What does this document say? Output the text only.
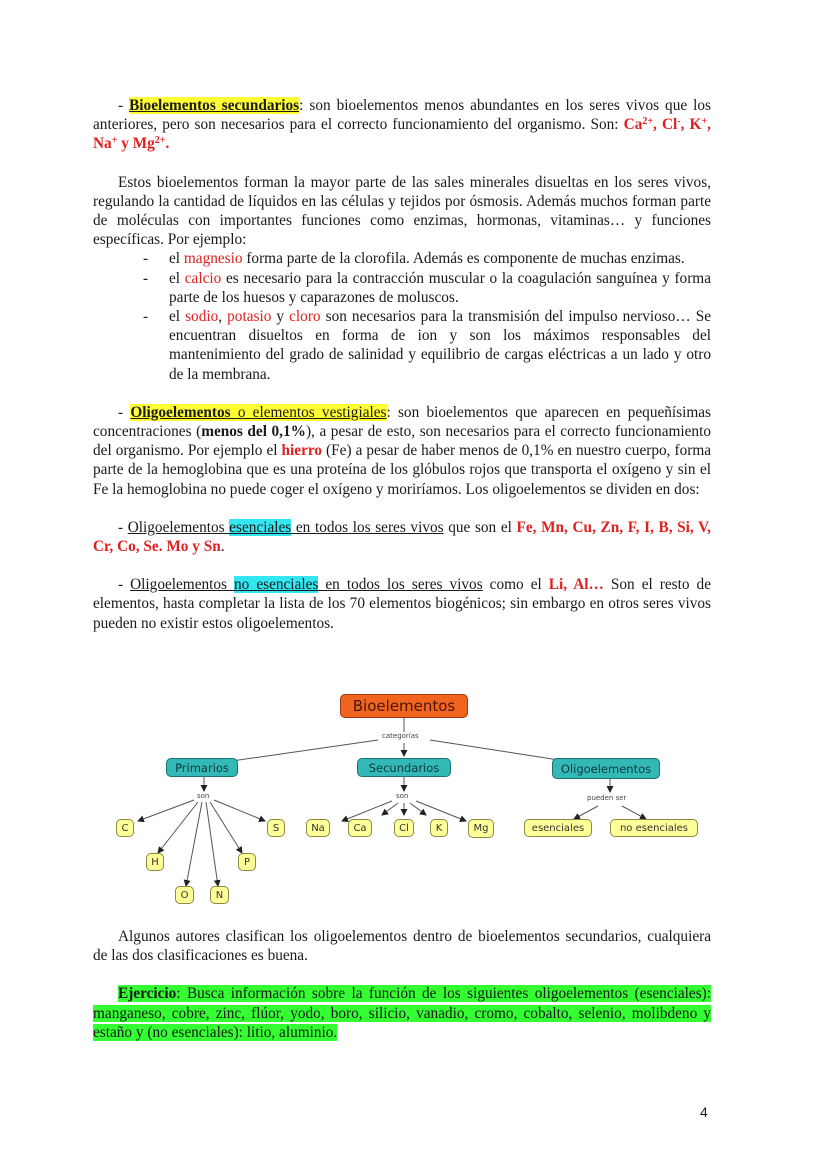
- Bioelementos secundarios: son bioelementos menos abundantes en los seres vivos que los anteriores, pero son necesarios para el correcto funcionamiento del organismo. Son: $Ca^{2+}$, Cl-, K+, Na+ y $Mg^{2+}$.

Estos bioelementos forman la mayor parte de las sales minerales disueltas en los seres vivos, regulando la cantidad de líquidos en las células y tejidos por ósmosis. Además muchos forman parte de moléculas con importantes funciones como enzimas, hormonas, vitaminas… y funciones específicas. Por ejemplo:

- el magnesio forma parte de la clorofila. Además es componente de muchas enzimas.
- el calcio es necesario para la contracción muscular o la coagulación sanguínea y forma parte de los huesos y caparazones de moluscos.
- el sodio, potasio y cloro son necesarios para la transmisión del impulso nervioso… Se encuentran disueltos en forma de ion y son los máximos responsables del mantenimiento del grado de salinidad y equilibrio de cargas eléctricas a un lado y otro de la membrana.

- Oligoelementos o elementos vestigiales: son bioelementos que aparecen en pequeñísimas concentraciones (menos del 0,1%), a pesar de esto, son necesarios para el correcto funcionamiento del organismo. Por ejemplo el hierro (Fe) a pesar de haber menos de 0,1% en nuestro cuerpo, forma parte de la hemoglobina que es una proteína de los glóbulos rojos que transporta el oxígeno y sin el Fe la hemoglobina no puede coger el oxígeno y moriríamos. Los oligoelementos se dividen en dos:

- Oligoelementos esenciales en todos los seres vivos que son el Fe, Mn, Cu, Zn, F, I, B, Si, V, Cr, Co, Se. Mo y Sn.

- Oligoelementos no esenciales en todos los seres vivos como el Li, Al… Son el resto de elementos, hasta completar la lista de los 70 elementos biogénicos; sin embargo en otros seres vivos pueden no existir estos oligoelementos.

Bioelementos
categorías
Primarios	Secundarios	Oligoelementos
son	son	pueden ser
C
H
O	N
P
S	Na	Ca	Cl	K	Mg	esenciales	no esenciales

Algunos autores clasifican los oligoelementos dentro de bioelementos secundarios, cualquiera de las dos clasificaciones es buena.

Ejercicio: Busca información sobre la función de los siguientes oligoelementos (esenciales): manganeso, cobre, zinc, flúor, yodo, boro, silicio, vanadio, cromo, cobalto, selenio, molibdeno y estaño y (no esenciales): litio, aluminio.

4
